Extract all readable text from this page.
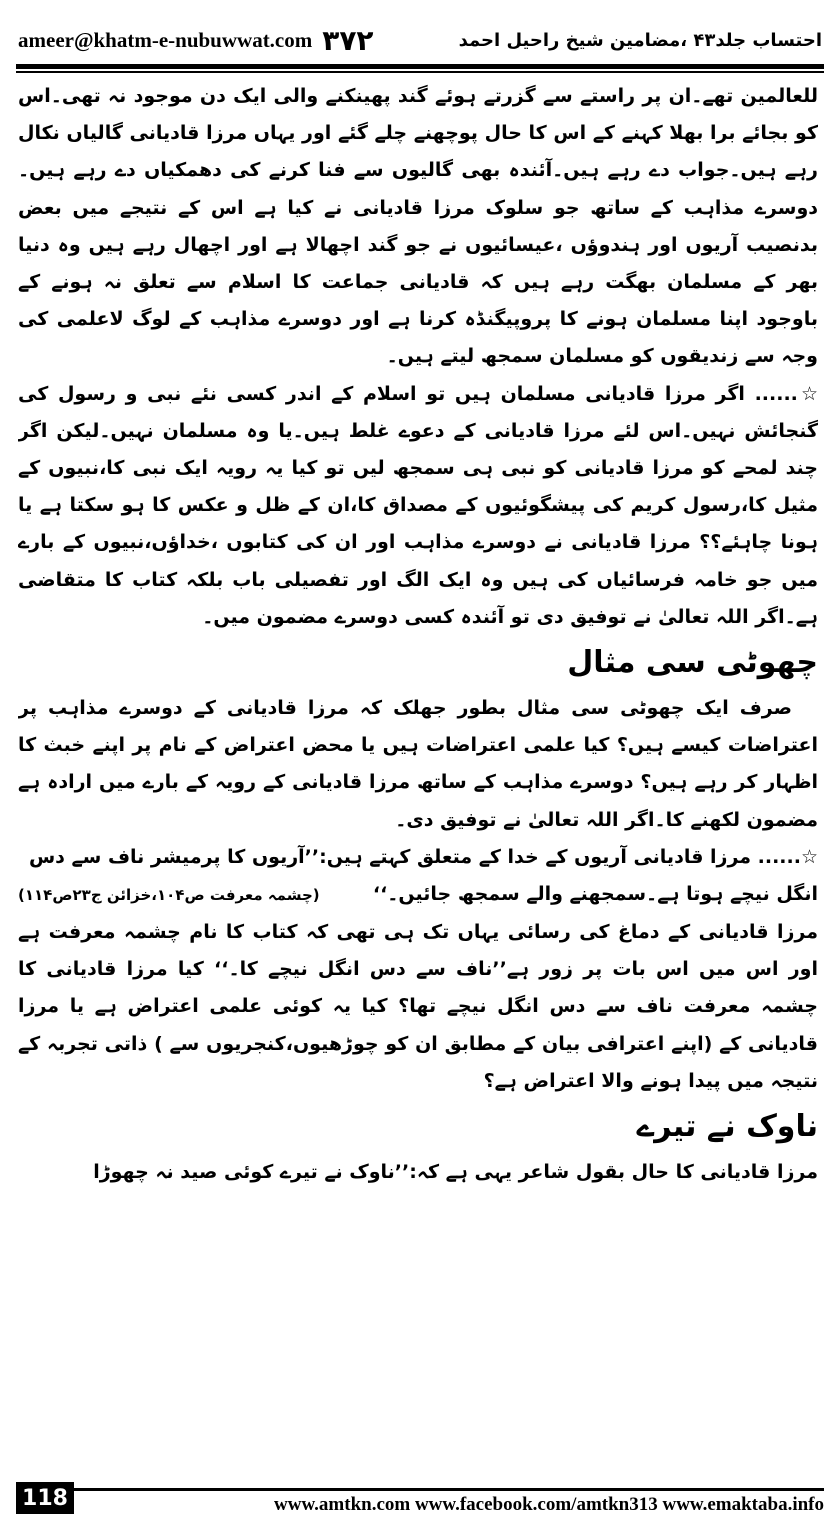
ameer@khatm-e-nubuwwat.com ۳۷۲	احتساب جلد۴۳ ،مضامین شیخ راحیل احمد

للعالمین تھے۔ان پر راستے سے گزرتے ہوئے گند پھینکنے والی ایک دن موجود نہ تھی۔اس کو بجائے برا بھلا کہنے کے اس کا حال پوچھنے چلے گئے اور یہاں مرزا قادیانی گالیاں نکال رہے ہیں۔جواب دے رہے ہیں۔آئندہ بھی گالیوں سے فنا کرنے کی دھمکیاں دے رہے ہیں۔دوسرے مذاہب کے ساتھ جو سلوک مرزا قادیانی نے کیا ہے اس کے نتیجے میں بعض بدنصیب آریوں اور ہندوؤں ،عیسائیوں نے جو گند اچھالا ہے اور اچھال رہے ہیں وہ دنیا بھر کے مسلمان بھگت رہے ہیں کہ قادیانی جماعت کا اسلام سے تعلق نہ ہونے کے باوجود اپنا مسلمان ہونے کا پروپیگنڈہ کرنا ہے اور دوسرے مذاہب کے لوگ لاعلمی کی وجہ سے زندیقوں کو مسلمان سمجھ لیتے ہیں۔

☆...... اگر مرزا قادیانی مسلمان ہیں تو اسلام کے اندر کسی نئے نبی و رسول کی گنجائش نہیں۔اس لئے مرزا قادیانی کے دعوے غلط ہیں۔یا وہ مسلمان نہیں۔لیکن اگر چند لمحے کو مرزا قادیانی کو نبی ہی سمجھ لیں تو کیا یہ رویہ ایک نبی کا،نبیوں کے مثیل کا،رسول کریم کی پیشگوئیوں کے مصداق کا،ان کے ظل و عکس کا ہو سکتا ہے یا ہونا چاہئے؟؟ مرزا قادیانی نے دوسرے مذاہب اور ان کی کتابوں ،خداؤں،نبیوں کے بارے میں جو خامہ فرسائیاں کی ہیں وہ ایک الگ اور تفصیلی باب بلکہ کتاب کا متقاضی ہے۔اگر اللہ تعالیٰ نے توفیق دی تو آئندہ کسی دوسرے مضمون میں۔

چھوٹی سی مثال

صرف ایک چھوٹی سی مثال بطور جھلک کہ مرزا قادیانی کے دوسرے مذاہب پر اعتراضات کیسے ہیں؟ کیا علمی اعتراضات ہیں یا محض اعتراض کے نام پر اپنے خبث کا اظہار کر رہے ہیں؟ دوسرے مذاہب کے ساتھ مرزا قادیانی کے رویہ کے بارے میں ارادہ ہے مضمون لکھنے کا۔اگر اللہ تعالیٰ نے توفیق دی۔

☆...... مرزا قادیانی آریوں کے خدا کے متعلق کہتے ہیں:’’آریوں کا پرمیشر ناف سے دس

انگل نیچے ہوتا ہے۔سمجھنے والے سمجھ جائیں۔‘‘
(چشمہ معرفت ص۱۰۴،خزائن ج۲۳ص۱۱۴)

مرزا قادیانی کے دماغ کی رسائی یہاں تک ہی تھی کہ کتاب کا نام چشمہ معرفت ہے اور اس میں اس بات پر زور ہے’’ناف سے دس انگل نیچے کا۔‘‘ کیا مرزا قادیانی کا چشمہ معرفت ناف سے دس انگل نیچے تھا؟ کیا یہ کوئی علمی اعتراض ہے یا مرزا قادیانی کے (اپنے اعترافی بیان کے مطابق ان کو چوڑھیوں،کنجریوں سے ) ذاتی تجربہ کے نتیجہ میں پیدا ہونے والا اعتراض ہے؟

ناوک نے تیرے

مرزا قادیانی کا حال بقول شاعر یہی ہے کہ:’’ناوک نے تیرے کوئی صید نہ چھوڑا

118	www.amtkn.com www.facebook.com/amtkn313 www.emaktaba.info
